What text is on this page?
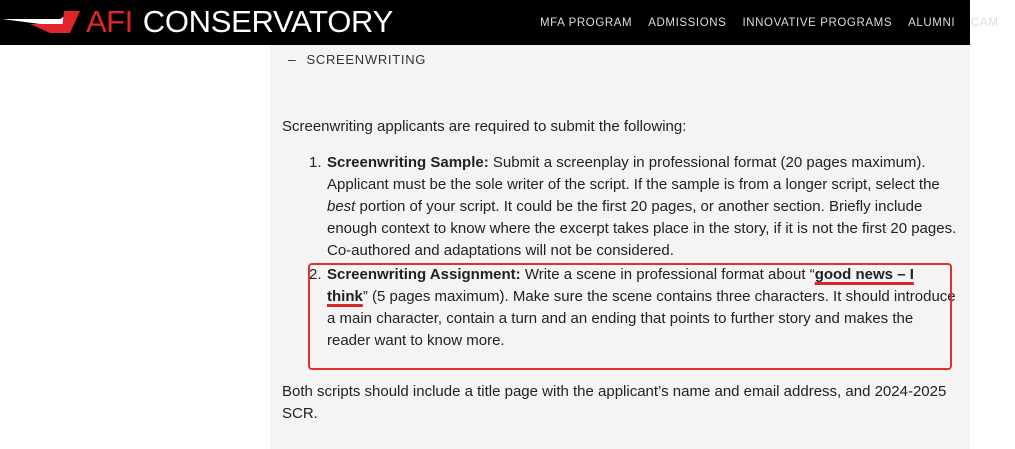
AFI CONSERVATORY	MFA PROGRAM ADMISSIONS INNOVATIVE PROGRAMS ALUMNI CAM
– SCREENWRITING
Screenwriting applicants are required to submit the following:
1. Screenwriting Sample: Submit a screenplay in professional format (20 pages maximum). Applicant must be the sole writer of the script. If the sample is from a longer script, select the best portion of your script. It could be the first 20 pages, or another section. Briefly include enough context to know where the excerpt takes place in the story, if it is not the first 20 pages. Co-authored and adaptations will not be considered.
2. Screenwriting Assignment: Write a scene in professional format about “good news – I think” (5 pages maximum). Make sure the scene contains three characters. It should introduce a main character, contain a turn and an ending that points to further story and makes the reader want to know more.
Both scripts should include a title page with the applicant’s name and email address, and 2024-2025 SCR.
